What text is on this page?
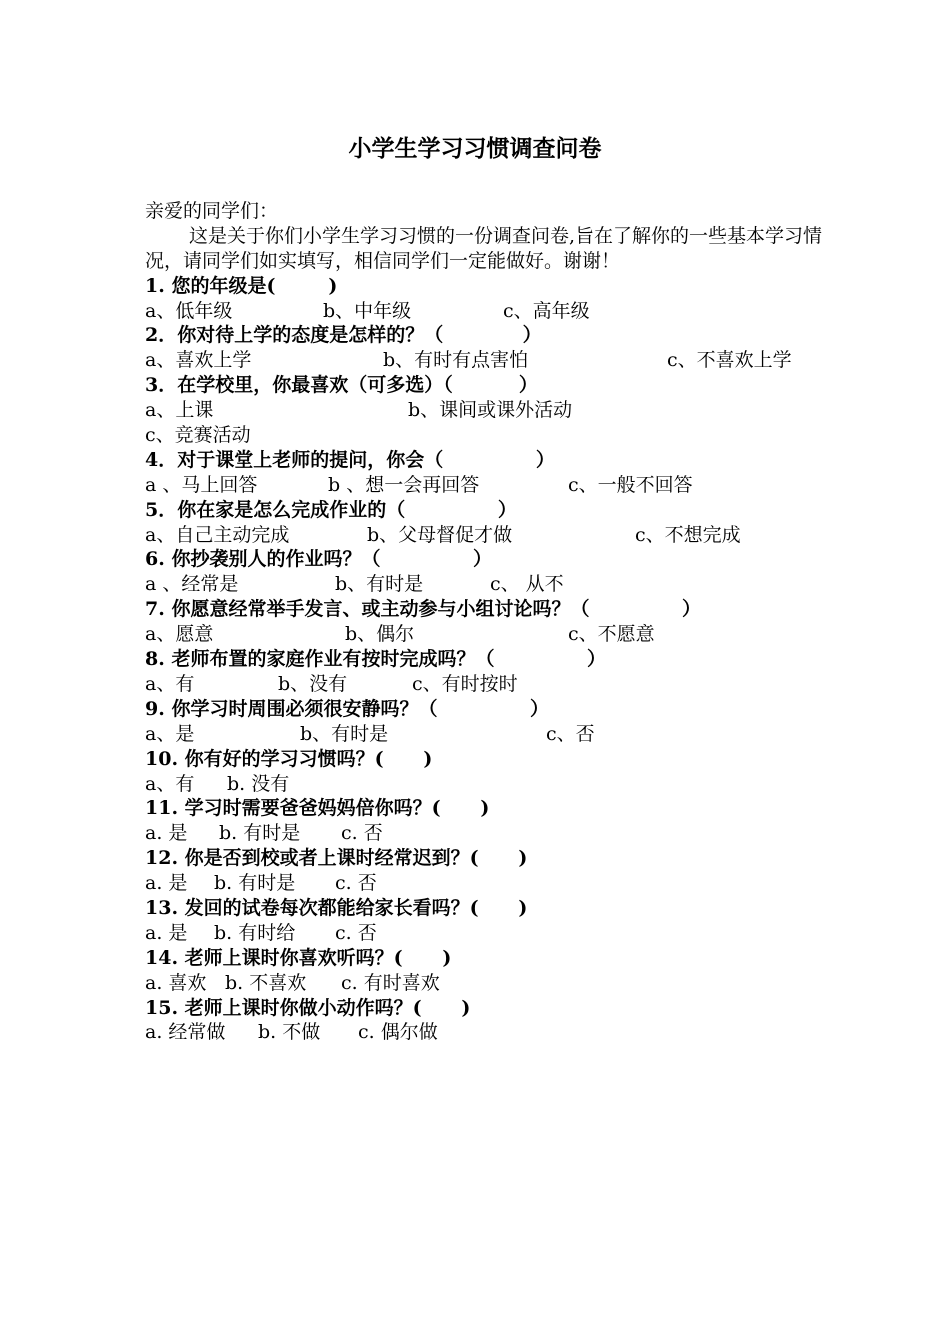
小学生学习习惯调查问卷
亲爱的同学们：
这是关于你们小学生学习习惯的一份调查问卷,旨在了解你的一些基本学习情况，请同学们如实填写，相信同学们一定能做好。谢谢！
1. 您的年级是(        )

a、低年级

	b、中年级

	c、高年级

2．你对待上学的态度是怎样的？（            ）

a、喜欢上学

	b、有时有点害怕

	c、不喜欢上学

3．在学校里，你最喜欢（可多选）（          ）

a、上课

	b、课间或课外活动

c、竞赛活动

4．对于课堂上老师的提问，你会（              ）

a 、马上回答

	b 、想一会再回答

	c、一般不回答

5．你在家是怎么完成作业的（              ）

a、自己主动完成

	b、父母督促才做

	c、不想完成

6. 你抄袭别人的作业吗？（              ）

a 、经常是

	b、有时是

	c、 从不

7. 你愿意经常举手发言、或主动参与小组讨论吗？（              ）

a、愿意

	b、偶尔

	c、不愿意

8. 老师布置的家庭作业有按时完成吗？（              ）

a、有

	b、没有

	c、有时按时

9. 你学习时周围必须很安静吗？（              ）

a、是

	b、有时是

	c、否

10. 你有好的学习习惯吗？(      )

a、有

b. 没有

11. 学习时需要爸爸妈妈倍你吗？(      )

a. 是

b. 有时是

c. 否

12. 你是否到校或者上课时经常迟到？(      )

a. 是

b. 有时是

c. 否

13. 发回的试卷每次都能给家长看吗？(      )

a. 是

b. 有时给

c. 否

14. 老师上课时你喜欢听吗？(      )

a. 喜欢

b. 不喜欢

c. 有时喜欢

15. 老师上课时你做小动作吗？(      )

a. 经常做

b. 不做

c. 偶尔做
